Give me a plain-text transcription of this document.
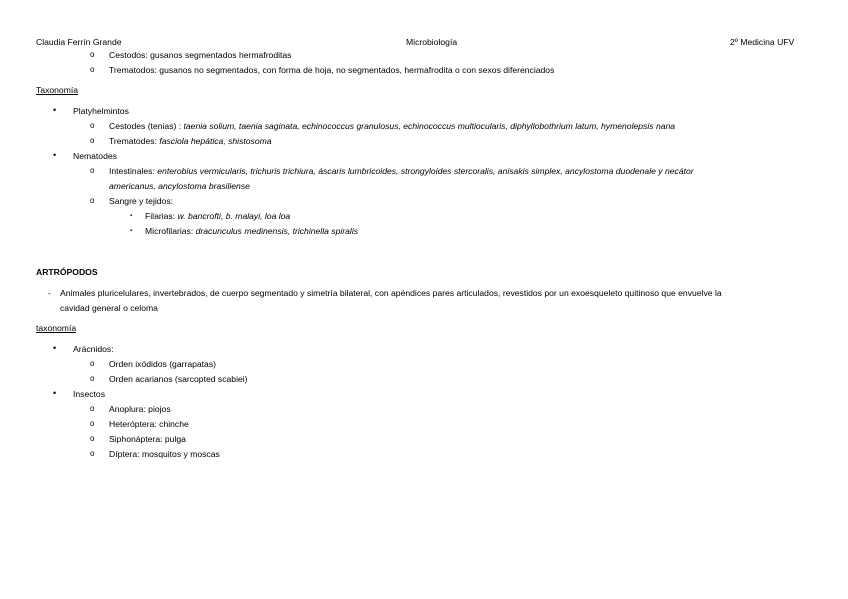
Claudia Ferrín Grande	Microbiología	2º Medicina UFV
o Cestodos: gusanos segmentados hermafroditas
o Trematodos: gusanos no segmentados, con forma de hoja, no segmentados, hermafrodita o con sexos diferenciados
Taxonomía
• Platyhelmintos
o Cestodes (tenias) : taenia solium, taenia saginata, echinococcus granulosus, echinococcus multiocularis, diphyllobothrium latum, hymenolepsis nana
o Trematodes: fasciola hepática, shistosoma
• Nematodes
o Intestinales: enterobius vermicularis, trichuris trichiura, áscaris lumbricoides, strongyloides stercoralis, anisakis simplex, ancylostoma duodenale y necátor
americanus, ancylostoma brasiliense
o Sangre y tejidos:
▪ Filarias: w. bancrofti, b. malayi, loa loa
▪ Microfilarias: dracunculus medinensis, trichinella spiralis
ARTRÓPODOS
- Animales pluricelulares, invertebrados, de cuerpo segmentado y simetría bilateral, con apéndices pares articulados, revestidos por un exoesqueleto quitinoso que envuelve la
cavidad general o celoma
taxonomía
• Arácnidos:
o Orden ixódidos (garrapatas)
o Orden acarianos (sarcopted scabiei)
• Insectos
o Anoplura: piojos
o Heteróptera: chinche
o Siphonáptera: pulga
o Díptera: mosquitos y moscas
